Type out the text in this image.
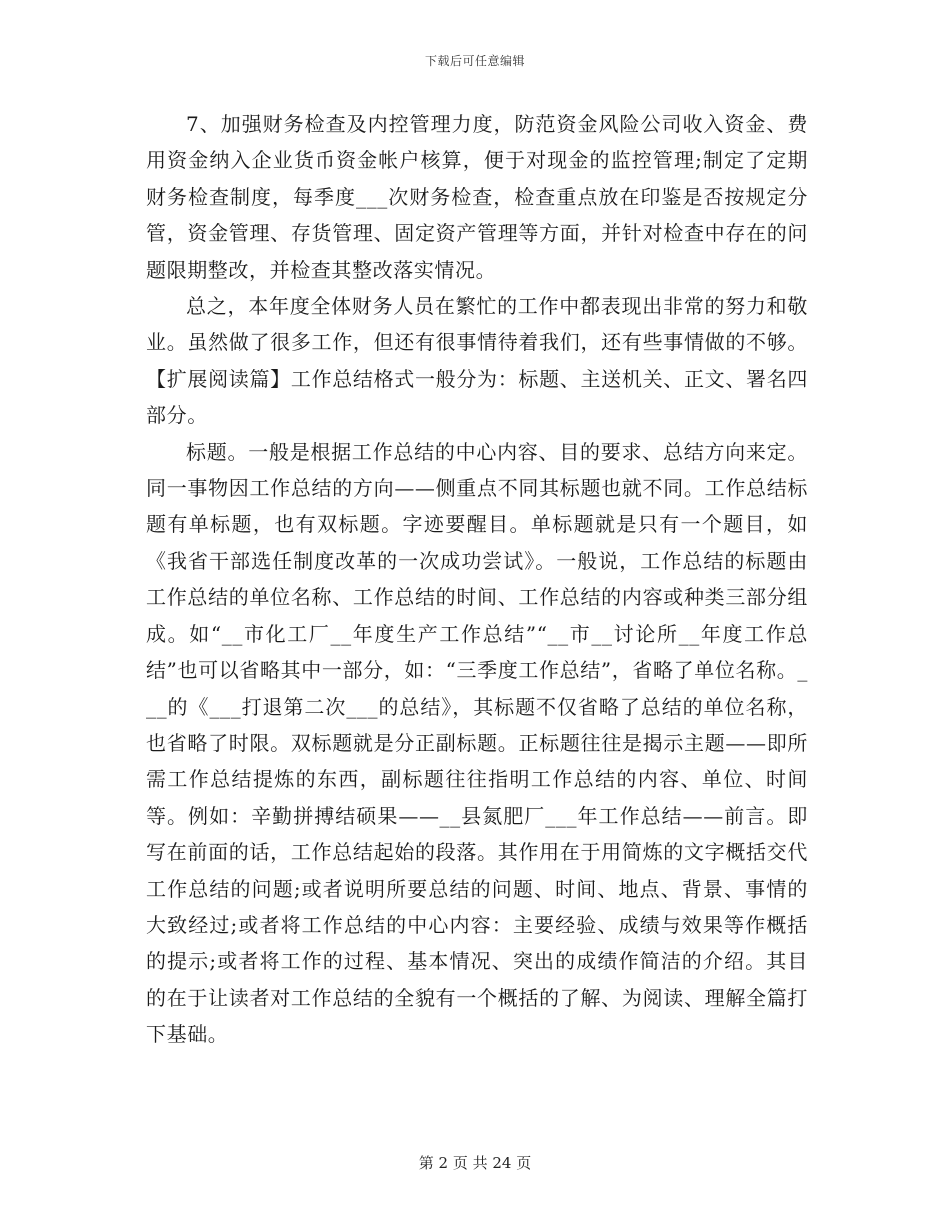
下载后可任意编辑

7、加强财务检查及内控管理力度，防范资金风险公司收入资金、费用资金纳入企业货币资金帐户核算，便于对现金的监控管理;制定了定期财务检查制度，每季度___次财务检查，检查重点放在印鉴是否按规定分管，资金管理、存货管理、固定资产管理等方面，并针对检查中存在的问题限期整改，并检查其整改落实情况。

总之，本年度全体财务人员在繁忙的工作中都表现出非常的努力和敬业。虽然做了很多工作，但还有很事情待着我们，还有些事情做的不够。【扩展阅读篇】工作总结格式一般分为：标题、主送机关、正文、署名四部分。

标题。一般是根据工作总结的中心内容、目的要求、总结方向来定。同一事物因工作总结的方向——侧重点不同其标题也就不同。工作总结标题有单标题，也有双标题。字迹要醒目。单标题就是只有一个题目，如《我省干部选任制度改革的一次成功尝试》。一般说，工作总结的标题由工作总结的单位名称、工作总结的时间、工作总结的内容或种类三部分组成。如“__市化工厂__年度生产工作总结”“__市__讨论所__年度工作总结”也可以省略其中一部分，如：“三季度工作总结”，省略了单位名称。___的《___打退第二次___的总结》，其标题不仅省略了总结的单位名称，也省略了时限。双标题就是分正副标题。正标题往往是揭示主题——即所需工作总结提炼的东西，副标题往往指明工作总结的内容、单位、时间等。例如：辛勤拼搏结硕果——__县氮肥厂___年工作总结——前言。即写在前面的话，工作总结起始的段落。其作用在于用简炼的文字概括交代工作总结的问题;或者说明所要总结的问题、时间、地点、背景、事情的大致经过;或者将工作总结的中心内容：主要经验、成绩与效果等作概括的提示;或者将工作的过程、基本情况、突出的成绩作简洁的介绍。其目的在于让读者对工作总结的全貌有一个概括的了解、为阅读、理解全篇打下基础。

第 2 页 共 24 页
